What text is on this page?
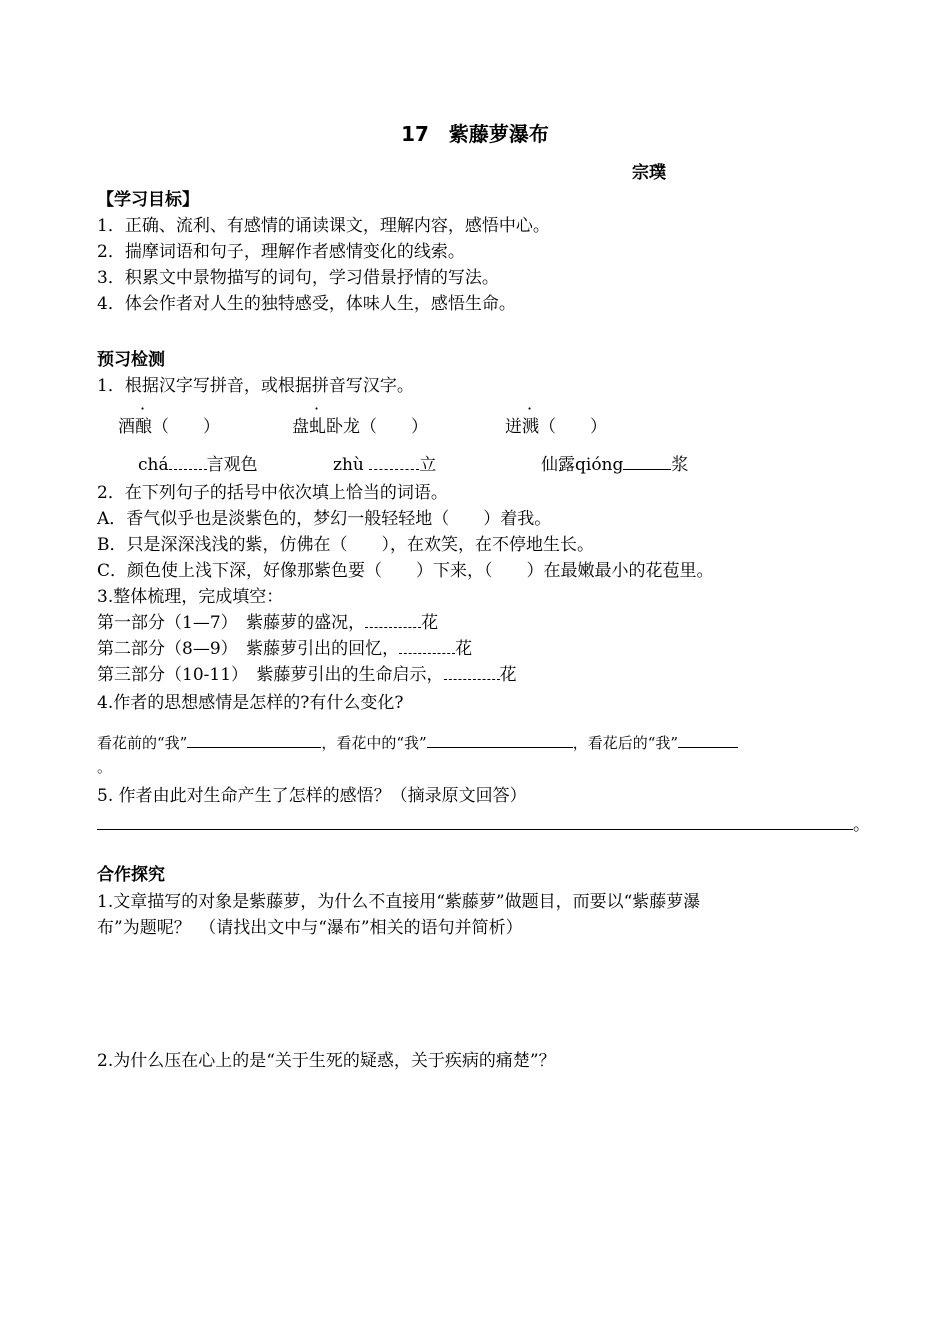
17　紫藤萝瀑布
宗璞
【学习目标】
1．正确、流利、有感情的诵读课文，理解内容，感悟中心。
2．揣摩词语和句子，理解作者感情变化的线索。
3．积累文中景物描写的词句，学习借景抒情的写法。
4．体会作者对人生的独特感受，体味人生，感悟生命。
预习检测
1．根据汉字写拼音，或根据拼音写汉字。
酒酿（　　）	盘虬卧龙（　　）	迸溅（　　）
chá 言观色	zhù	立	仙露qióng	浆
2．在下列句子的括号中依次填上恰当的词语。
A．香气似乎也是淡紫色的，梦幻一般轻轻地（　　）着我。
B．只是深深浅浅的紫，仿佛在（　　），在欢笑，在不停地生长。
C．颜色使上浅下深，好像那紫色要（　　）下来，（　　）在最嫩最小的花苞里。
3.整体梳理，完成填空：
第一部分（1—7）　紫藤萝的盛况，	花
第二部分（8—9）　紫藤萝引出的回忆，	花
第三部分（10-11）　紫藤萝引出的生命启示，	花
4.作者的思想感情是怎样的?有什么变化?
看花前的“我”	，看花中的“我”	，看花后的“我”
。
5. 作者由此对生命产生了怎样的感悟？（摘录原文回答）
。
合作探究
1.文章描写的对象是紫藤萝，为什么不直接用“紫藤萝”做题目，而要以“紫藤萝瀑
布”为题呢？　（请找出文中与“瀑布”相关的语句并简析）
2.为什么压在心上的是“关于生死的疑惑，关于疾病的痛楚”？
